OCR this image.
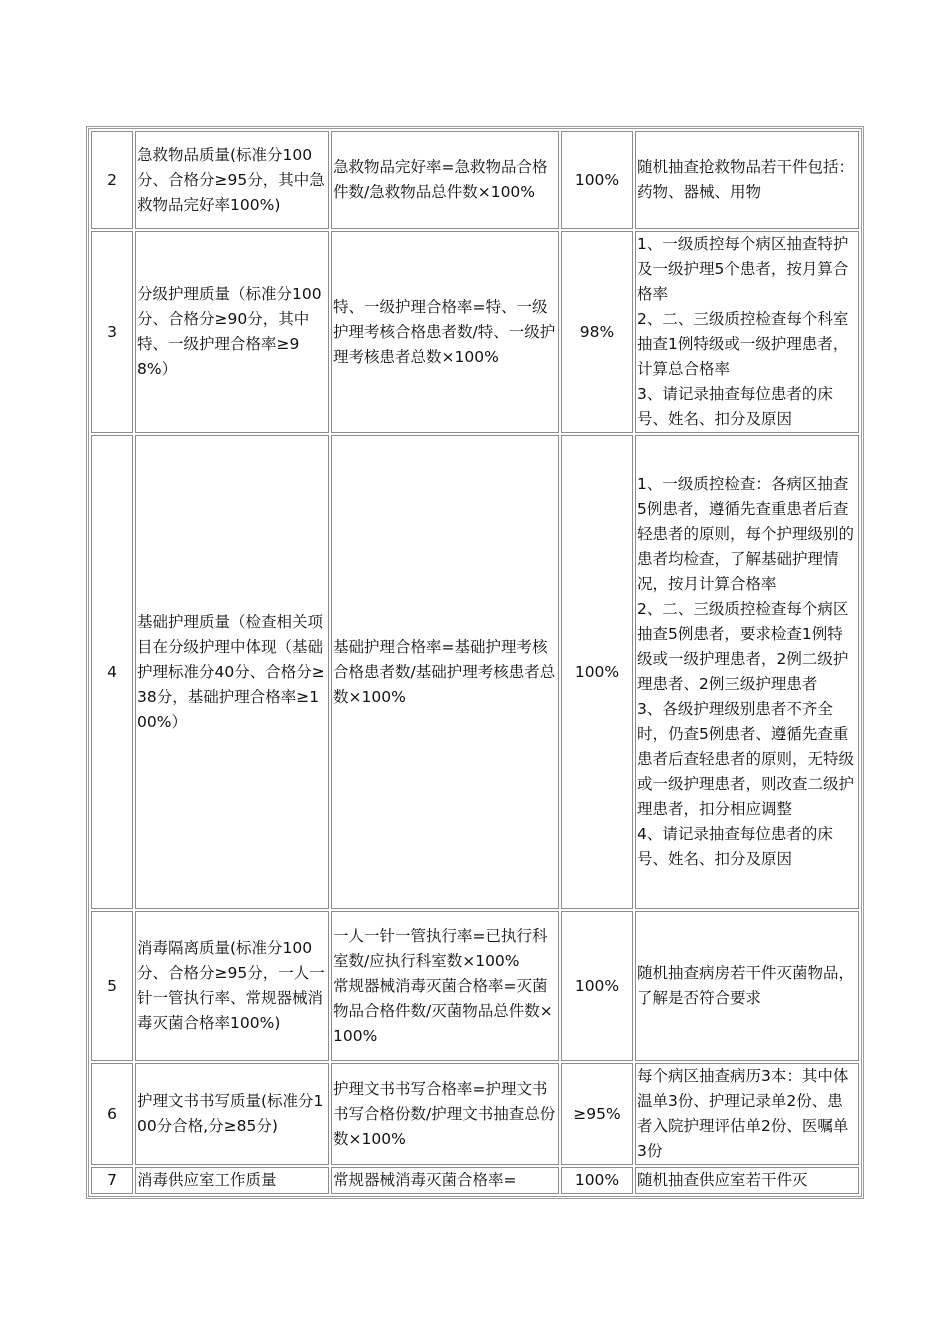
2	急救物品质量(标准分100分、合格分≥95分，其中急救物品完好率100%)	急救物品完好率=急救物品合格件数/急救物品总件数×100%	100%	随机抽查抢救物品若干件包括：药物、器械、用物
3	分级护理质量（标准分100分、合格分≥90分，其中特、一级护理合格率≥98%）	特、一级护理合格率=特、一级护理考核合格患者数/特、一级护理考核患者总数×100%	98%	1、一级质控每个病区抽查特护及一级护理5个患者，按月算合格率
2、二、三级质控检查每个科室抽查1例特级或一级护理患者，计算总合格率
3、请记录抽查每位患者的床号、姓名、扣分及原因
4	基础护理质量（检查相关项目在分级护理中体现（基础护理标准分40分、合格分≥38分，基础护理合格率≥100%）	基础护理合格率=基础护理考核合格患者数/基础护理考核患者总数×100%	100%	1、一级质控检查：各病区抽查5例患者，遵循先查重患者后查轻患者的原则，每个护理级别的患者均检查，了解基础护理情况，按月计算合格率
2、二、三级质控检查每个病区抽查5例患者，要求检查1例特级或一级护理患者，2例二级护理患者、2例三级护理患者
3、各级护理级别患者不齐全时，仍查5例患者、遵循先查重患者后查轻患者的原则，无特级或一级护理患者，则改查二级护理患者，扣分相应调整
4、请记录抽查每位患者的床号、姓名、扣分及原因
5	消毒隔离质量(标准分100分、合格分≥95分，一人一针一管执行率、常规器械消毒灭菌合格率100%)	一人一针一管执行率=已执行科室数/应执行科室数×100%
常规器械消毒灭菌合格率=灭菌物品合格件数/灭菌物品总件数×100%	100%	随机抽查病房若干件灭菌物品，了解是否符合要求
6	护理文书书写质量(标准分100分合格,分≥85分)	护理文书书写合格率=护理文书书写合格份数/护理文书抽查总份数×100%	≥95%	每个病区抽查病历3本：其中体温单3份、护理记录单2份、患者入院护理评估单2份、医嘱单3份
7	消毒供应室工作质量	常规器械消毒灭菌合格率=	100%	随机抽查供应室若干件灭
